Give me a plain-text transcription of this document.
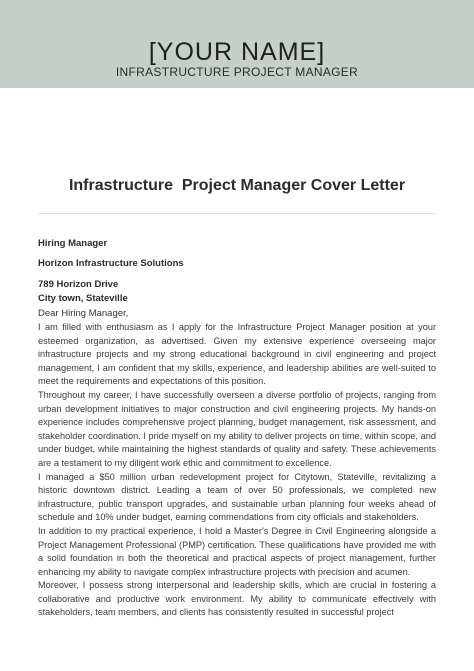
[YOUR NAME]
INFRASTRUCTURE PROJECT MANAGER
Infrastructure  Project Manager Cover Letter
Hiring Manager
Horizon Infrastructure Solutions
789 Horizon Drive
City town, Stateville
Dear Hiring Manager,

I am filled with enthusiasm as I apply for the Infrastructure Project Manager position at your esteemed organization, as advertised. Given my extensive experience overseeing major infrastructure projects and my strong educational background in civil engineering and project management, I am confident that my skills, experience, and leadership abilities are well-suited to meet the requirements and expectations of this position.

Throughout my career, I have successfully overseen a diverse portfolio of projects, ranging from urban development initiatives to major construction and civil engineering projects. My hands-on experience includes comprehensive project planning, budget management, risk assessment, and stakeholder coordination. I pride myself on my ability to deliver projects on time, within scope, and under budget, while maintaining the highest standards of quality and safety. These achievements are a testament to my diligent work ethic and commitment to excellence.

I managed a $50 million urban redevelopment project for Citytown, Stateville, revitalizing a historic downtown district. Leading a team of over 50 professionals, we completed new infrastructure, public transport upgrades, and sustainable urban planning four weeks ahead of schedule and 10% under budget, earning commendations from city officials and stakeholders.

In addition to my practical experience, I hold a Master's Degree in Civil Engineering alongside a Project Management Professional (PMP) certification. These qualifications have provided me with a solid foundation in both the theoretical and practical aspects of project management, further enhancing my ability to navigate complex infrastructure projects with precision and acumen.

Moreover, I possess strong interpersonal and leadership skills, which are crucial in fostering a collaborative and productive work environment. My ability to communicate effectively with stakeholders, team members, and clients has consistently resulted in successful project
